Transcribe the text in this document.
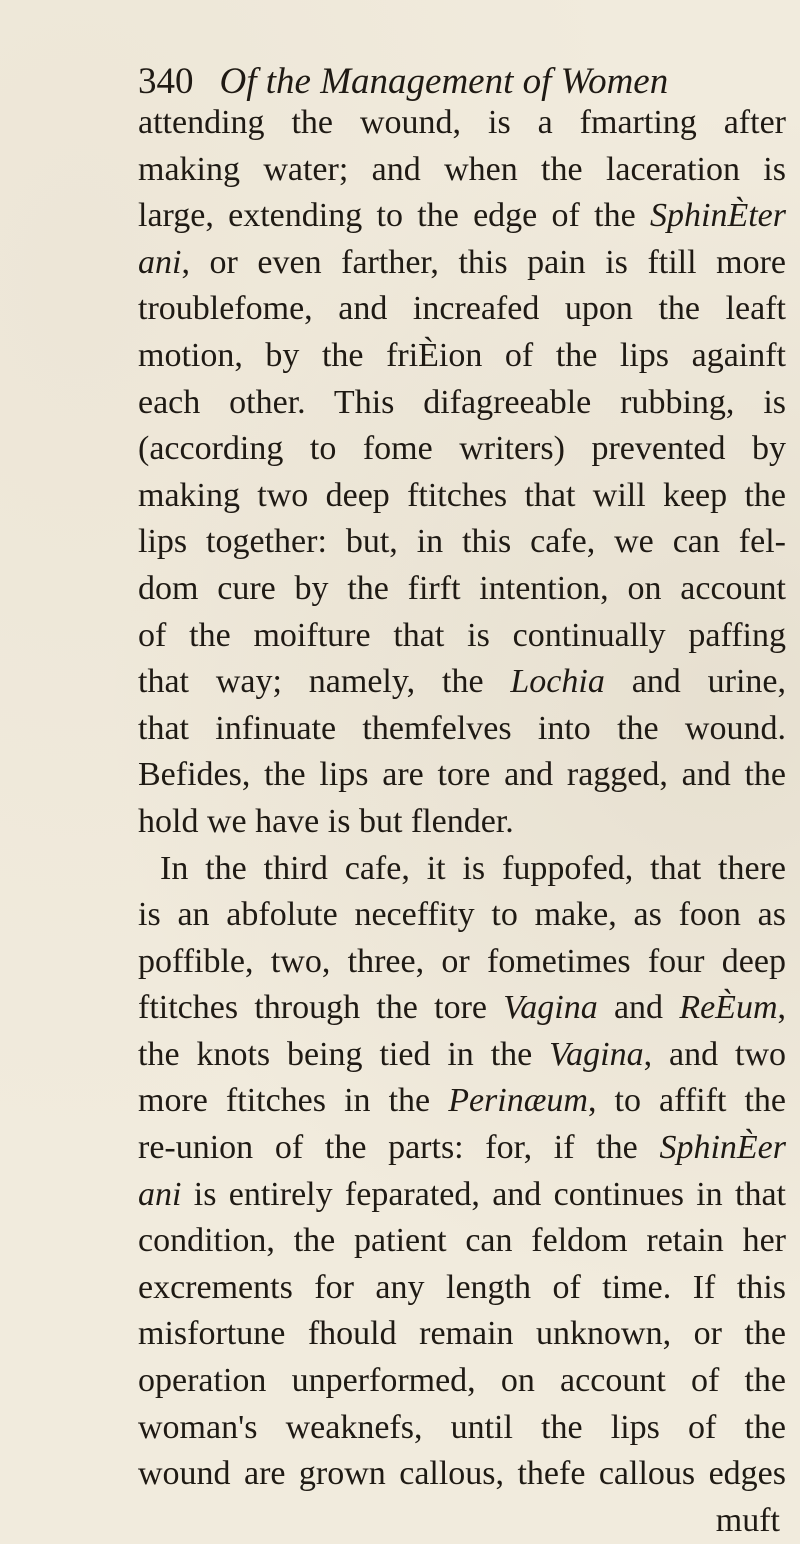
340 Of the Management of Women
attending the wound, is a fmarting after
making water; and when the laceration is
large, extending to the edge of the SphinЀter
ani, or even farther, this pain is ftill more
troublefome, and increafed upon the leaft
motion, by the friЀion of the lips againft
each other. This difagreeable rubbing, is
(according to fome writers) prevented by
making two deep ftitches that will keep the
lips together: but, in this cafe, we can fel-
dom cure by the firft intention, on account
of the moifture that is continually paffing
that way; namely, the Lochia and urine,
that infinuate themfelves into the wound.
Befides, the lips are tore and ragged, and the
hold we have is but flender.
In the third cafe, it is fuppofed, that there
is an abfolute neceffity to make, as foon as
poffible, two, three, or fometimes four deep
ftitches through the tore Vagina and ReЀum,
the knots being tied in the Vagina, and two
more ftitches in the Perinæum, to affift the
re-union of the parts: for, if the SphinЀer
ani is entirely feparated, and continues in that
condition, the patient can feldom retain her
excrements for any length of time. If this
misfortune fhould remain unknown, or the
operation unperformed, on account of the
woman's weaknefs, until the lips of the
wound are grown callous, thefe callous edges
muft
